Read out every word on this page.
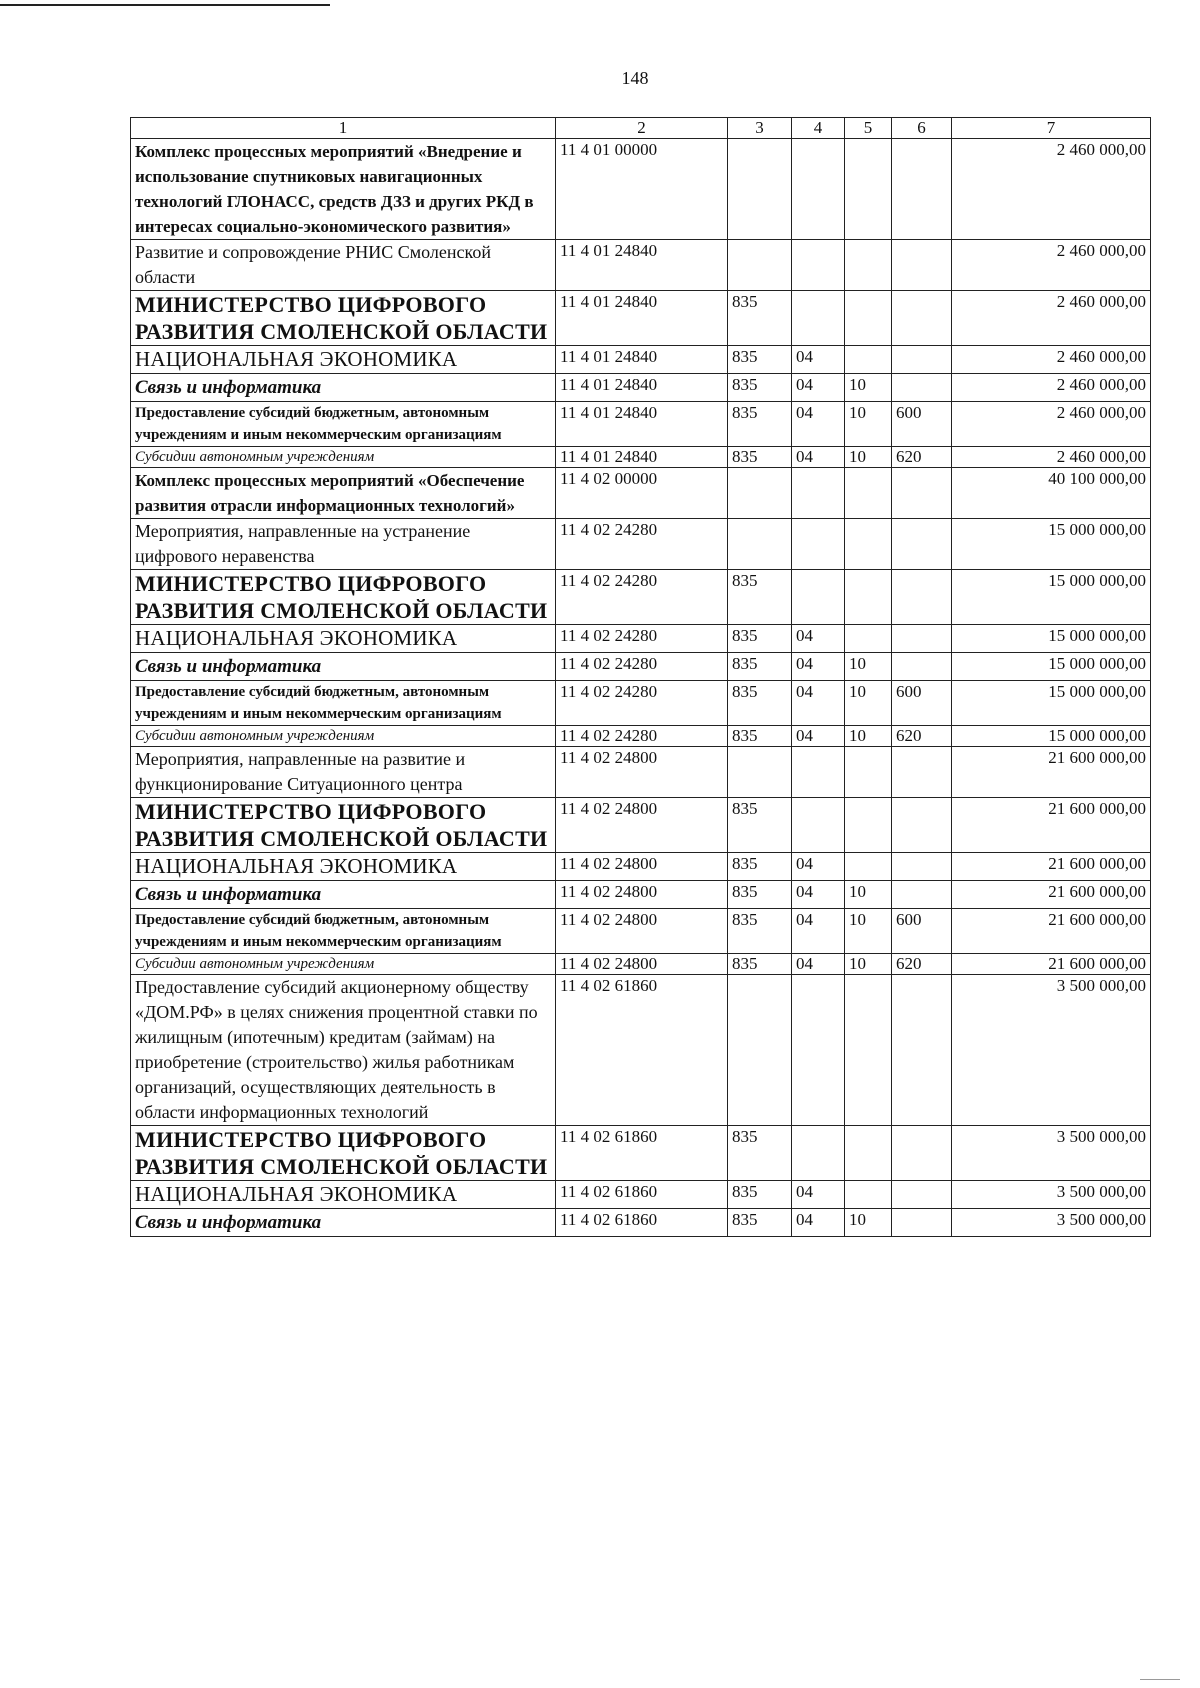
148
1	2	3	4	5	6	7
Комплекс процессных мероприятий «Внедрение и использование спутниковых навигационных технологий ГЛОНАСС, средств ДЗЗ и других РКД в интересах социально-экономического развития»	11 4 01 00000					2 460 000,00
Развитие и сопровождение РНИС Смоленской области	11 4 01 24840					2 460 000,00
МИНИСТЕРСТВО ЦИФРОВОГО РАЗВИТИЯ СМОЛЕНСКОЙ ОБЛАСТИ	11 4 01 24840	835				2 460 000,00
НАЦИОНАЛЬНАЯ ЭКОНОМИКА	11 4 01 24840	835	04			2 460 000,00
Связь и информатика	11 4 01 24840	835	04	10		2 460 000,00
Предоставление субсидий бюджетным, автономным учреждениям и иным некоммерческим организациям	11 4 01 24840	835	04	10	600	2 460 000,00
Субсидии автономным учреждениям	11 4 01 24840	835	04	10	620	2 460 000,00
Комплекс процессных мероприятий «Обеспечение развития отрасли информационных технологий»	11 4 02 00000					40 100 000,00
Мероприятия, направленные на устранение цифрового неравенства	11 4 02 24280					15 000 000,00
МИНИСТЕРСТВО ЦИФРОВОГО РАЗВИТИЯ СМОЛЕНСКОЙ ОБЛАСТИ	11 4 02 24280	835				15 000 000,00
НАЦИОНАЛЬНАЯ ЭКОНОМИКА	11 4 02 24280	835	04			15 000 000,00
Связь и информатика	11 4 02 24280	835	04	10		15 000 000,00
Предоставление субсидий бюджетным, автономным учреждениям и иным некоммерческим организациям	11 4 02 24280	835	04	10	600	15 000 000,00
Субсидии автономным учреждениям	11 4 02 24280	835	04	10	620	15 000 000,00
Мероприятия, направленные на развитие и функционирование Ситуационного центра	11 4 02 24800					21 600 000,00
МИНИСТЕРСТВО ЦИФРОВОГО РАЗВИТИЯ СМОЛЕНСКОЙ ОБЛАСТИ	11 4 02 24800	835				21 600 000,00
НАЦИОНАЛЬНАЯ ЭКОНОМИКА	11 4 02 24800	835	04			21 600 000,00
Связь и информатика	11 4 02 24800	835	04	10		21 600 000,00
Предоставление субсидий бюджетным, автономным учреждениям и иным некоммерческим организациям	11 4 02 24800	835	04	10	600	21 600 000,00
Субсидии автономным учреждениям	11 4 02 24800	835	04	10	620	21 600 000,00
Предоставление субсидий акционерному обществу «ДОМ.РФ» в целях снижения процентной ставки по жилищным (ипотечным) кредитам (займам) на приобретение (строительство) жилья работникам организаций, осуществляющих деятельность в области информационных технологий	11 4 02 61860					3 500 000,00
МИНИСТЕРСТВО ЦИФРОВОГО РАЗВИТИЯ СМОЛЕНСКОЙ ОБЛАСТИ	11 4 02 61860	835				3 500 000,00
НАЦИОНАЛЬНАЯ ЭКОНОМИКА	11 4 02 61860	835	04			3 500 000,00
Связь и информатика	11 4 02 61860	835	04	10		3 500 000,00
